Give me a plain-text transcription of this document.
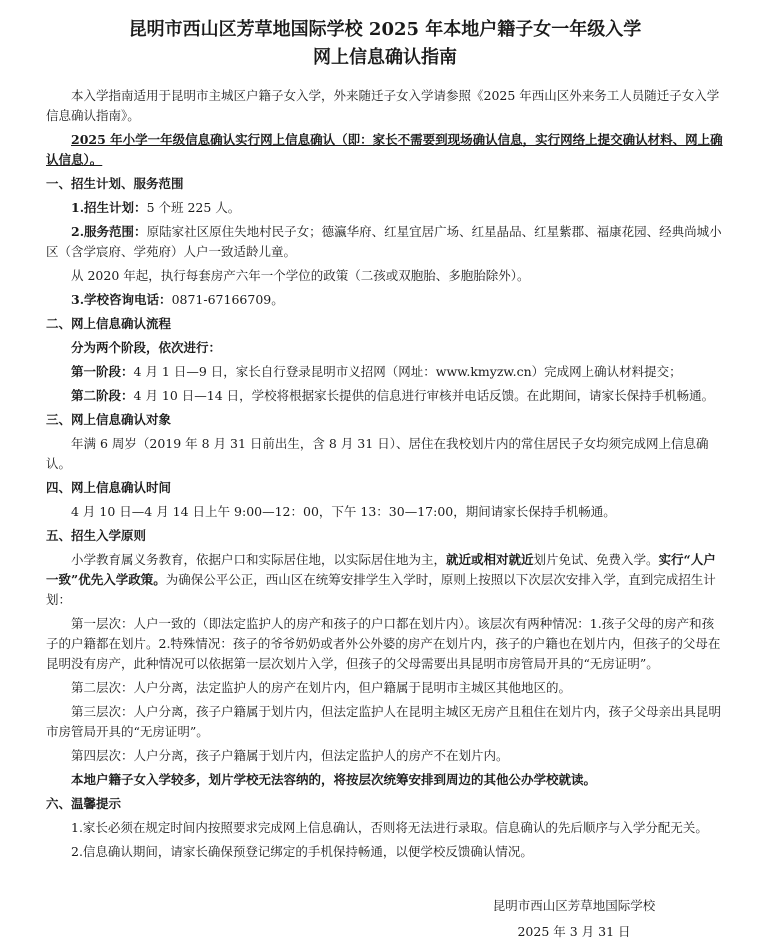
昆明市西山区芳草地国际学校 2025 年本地户籍子女一年级入学
网上信息确认指南

本入学指南适用于昆明市主城区户籍子女入学，外来随迁子女入学请参照《2025 年西山区外来务工人员随迁子女入学信息确认指南》。

2025 年小学一年级信息确认实行网上信息确认（即：家长不需要到现场确认信息，实行网络上提交确认材料、网上确认信息）。

一、招生计划、服务范围

1.招生计划：5 个班 225 人。

2.服务范围：原陆家社区原住失地村民子女；德瀛华府、红星宜居广场、红星晶品、红星紫郡、福康花园、经典尚城小区（含学宸府、学苑府）人户一致适龄儿童。

从 2020 年起，执行每套房产六年一个学位的政策（二孩或双胞胎、多胞胎除外）。

3.学校咨询电话：0871-67166709。

二、网上信息确认流程

分为两个阶段，依次进行：

第一阶段：4 月 1 日—9 日，家长自行登录昆明市义招网（网址：www.kmyzw.cn）完成网上确认材料提交；

第二阶段：4 月 10 日—14 日，学校将根据家长提供的信息进行审核并电话反馈。在此期间，请家长保持手机畅通。

三、网上信息确认对象

年满 6 周岁（2019 年 8 月 31 日前出生，含 8 月 31 日）、居住在我校划片内的常住居民子女均须完成网上信息确认。

四、网上信息确认时间

4 月 10 日—4 月 14 日上午 9:00—12：00，下午 13：30—17:00，期间请家长保持手机畅通。

五、招生入学原则

小学教育属义务教育，依据户口和实际居住地，以实际居住地为主，就近或相对就近划片免试、免费入学。实行“人户一致”优先入学政策。为确保公平公正，西山区在统筹安排学生入学时，原则上按照以下次层次安排入学，直到完成招生计划：

第一层次：人户一致的（即法定监护人的房产和孩子的户口都在划片内）。该层次有两种情况：1.孩子父母的房产和孩子的户籍都在划片。2.特殊情况：孩子的爷爷奶奶或者外公外婆的房产在划片内，孩子的户籍也在划片内，但孩子的父母在昆明没有房产，此种情况可以依据第一层次划片入学，但孩子的父母需要出具昆明市房管局开具的“无房证明”。

第二层次：人户分离，法定监护人的房产在划片内，但户籍属于昆明市主城区其他地区的。

第三层次：人户分离，孩子户籍属于划片内，但法定监护人在昆明主城区无房产且租住在划片内，孩子父母亲出具昆明市房管局开具的“无房证明”。

第四层次：人户分离，孩子户籍属于划片内，但法定监护人的房产不在划片内。

本地户籍子女入学较多，划片学校无法容纳的，将按层次统筹安排到周边的其他公办学校就读。

六、温馨提示

1.家长必须在规定时间内按照要求完成网上信息确认，否则将无法进行录取。信息确认的先后顺序与入学分配无关。

2.信息确认期间，请家长确保预登记绑定的手机保持畅通，以便学校反馈确认情况。

昆明市西山区芳草地国际学校
2025 年 3 月 31 日
